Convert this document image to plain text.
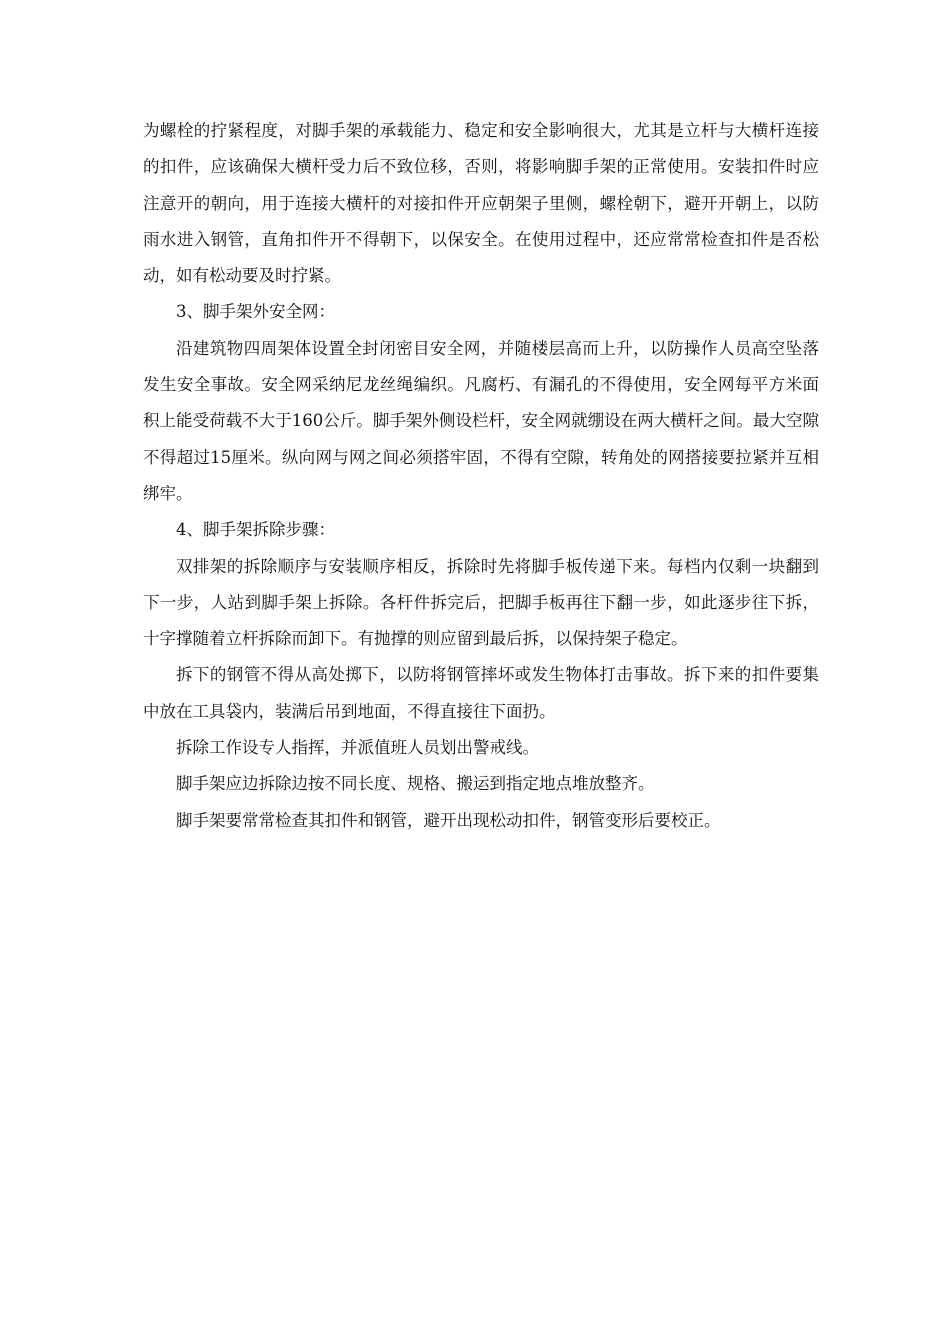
为螺栓的拧紧程度，对脚手架的承载能力、稳定和安全影响很大，尤其是立杆与大横杆连接的扣件，应该确保大横杆受力后不致位移，否则，将影响脚手架的正常使用。安装扣件时应注意开的朝向，用于连接大横杆的对接扣件开应朝架子里侧，螺栓朝下，避开开朝上，以防雨水进入钢管，直角扣件开不得朝下，以保安全。在使用过程中，还应常常检查扣件是否松动，如有松动要及时拧紧。

3、脚手架外安全网：

沿建筑物四周架体设置全封闭密目安全网，并随楼层高而上升，以防操作人员高空坠落发生安全事故。安全网采纳尼龙丝绳编织。凡腐朽、有漏孔的不得使用，安全网每平方米面积上能受荷载不大于160公斤。脚手架外侧设栏杆，安全网就绷设在两大横杆之间。最大空隙不得超过15厘米。纵向网与网之间必须搭牢固，不得有空隙，转角处的网搭接要拉紧并互相绑牢。

4、脚手架拆除步骤：

双排架的拆除顺序与安装顺序相反，拆除时先将脚手板传递下来。每档内仅剩一块翻到下一步，人站到脚手架上拆除。各杆件拆完后，把脚手板再往下翻一步，如此逐步往下拆，十字撑随着立杆拆除而卸下。有抛撑的则应留到最后拆，以保持架子稳定。

拆下的钢管不得从高处掷下，以防将钢管摔坏或发生物体打击事故。拆下来的扣件要集中放在工具袋内，装满后吊到地面，不得直接往下面扔。

拆除工作设专人指挥，并派值班人员划出警戒线。

脚手架应边拆除边按不同长度、规格、搬运到指定地点堆放整齐。

脚手架要常常检查其扣件和钢管，避开出现松动扣件，钢管变形后要校正。
